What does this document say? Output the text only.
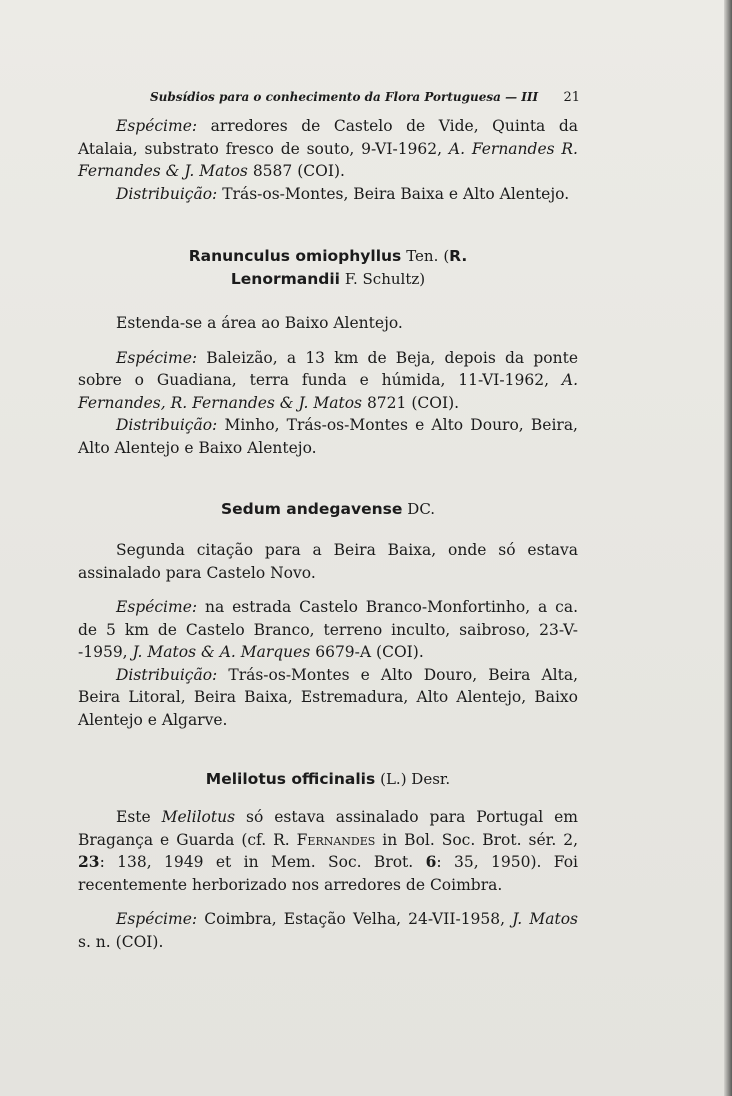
Subsídios para o conhecimento da Flora Portuguesa — III 21

Espécime: arredores de Castelo de Vide, Quinta da Atalaia, substrato fresco de souto, 9-VI-1962, A. Fernandes R. Fernandes & J. Matos 8587 (COI).

Distribuição: Trás-os-Montes, Beira Baixa e Alto Alentejo.

Ranunculus omiophyllus Ten. (R. Lenormandii F. Schultz)

Estenda-se a área ao Baixo Alentejo.

Espécime: Baleizão, a 13 km de Beja, depois da ponte sobre o Guadiana, terra funda e húmida, 11-VI-1962, A. Fernandes, R. Fernandes & J. Matos 8721 (COI).

Distribuição: Minho, Trás-os-Montes e Alto Douro, Beira, Alto Alentejo e Baixo Alentejo.

Sedum andegavense DC.

Segunda citação para a Beira Baixa, onde só estava assinalado para Castelo Novo.

Espécime: na estrada Castelo Branco-Monfortinho, a ca. de 5 km de Castelo Branco, terreno inculto, saibroso, 23-V--1959, J. Matos & A. Marques 6679-A (COI).

Distribuição: Trás-os-Montes e Alto Douro, Beira Alta, Beira Litoral, Beira Baixa, Estremadura, Alto Alentejo, Baixo Alentejo e Algarve.

Melilotus officinalis (L.) Desr.

Este Melilotus só estava assinalado para Portugal em Bragança e Guarda (cf. R. Fernandes in Bol. Soc. Brot. sér. 2, 23: 138, 1949 et in Mem. Soc. Brot. 6: 35, 1950). Foi recentemente herborizado nos arredores de Coimbra.

Espécime: Coimbra, Estação Velha, 24-VII-1958, J. Matos s. n. (COI).
